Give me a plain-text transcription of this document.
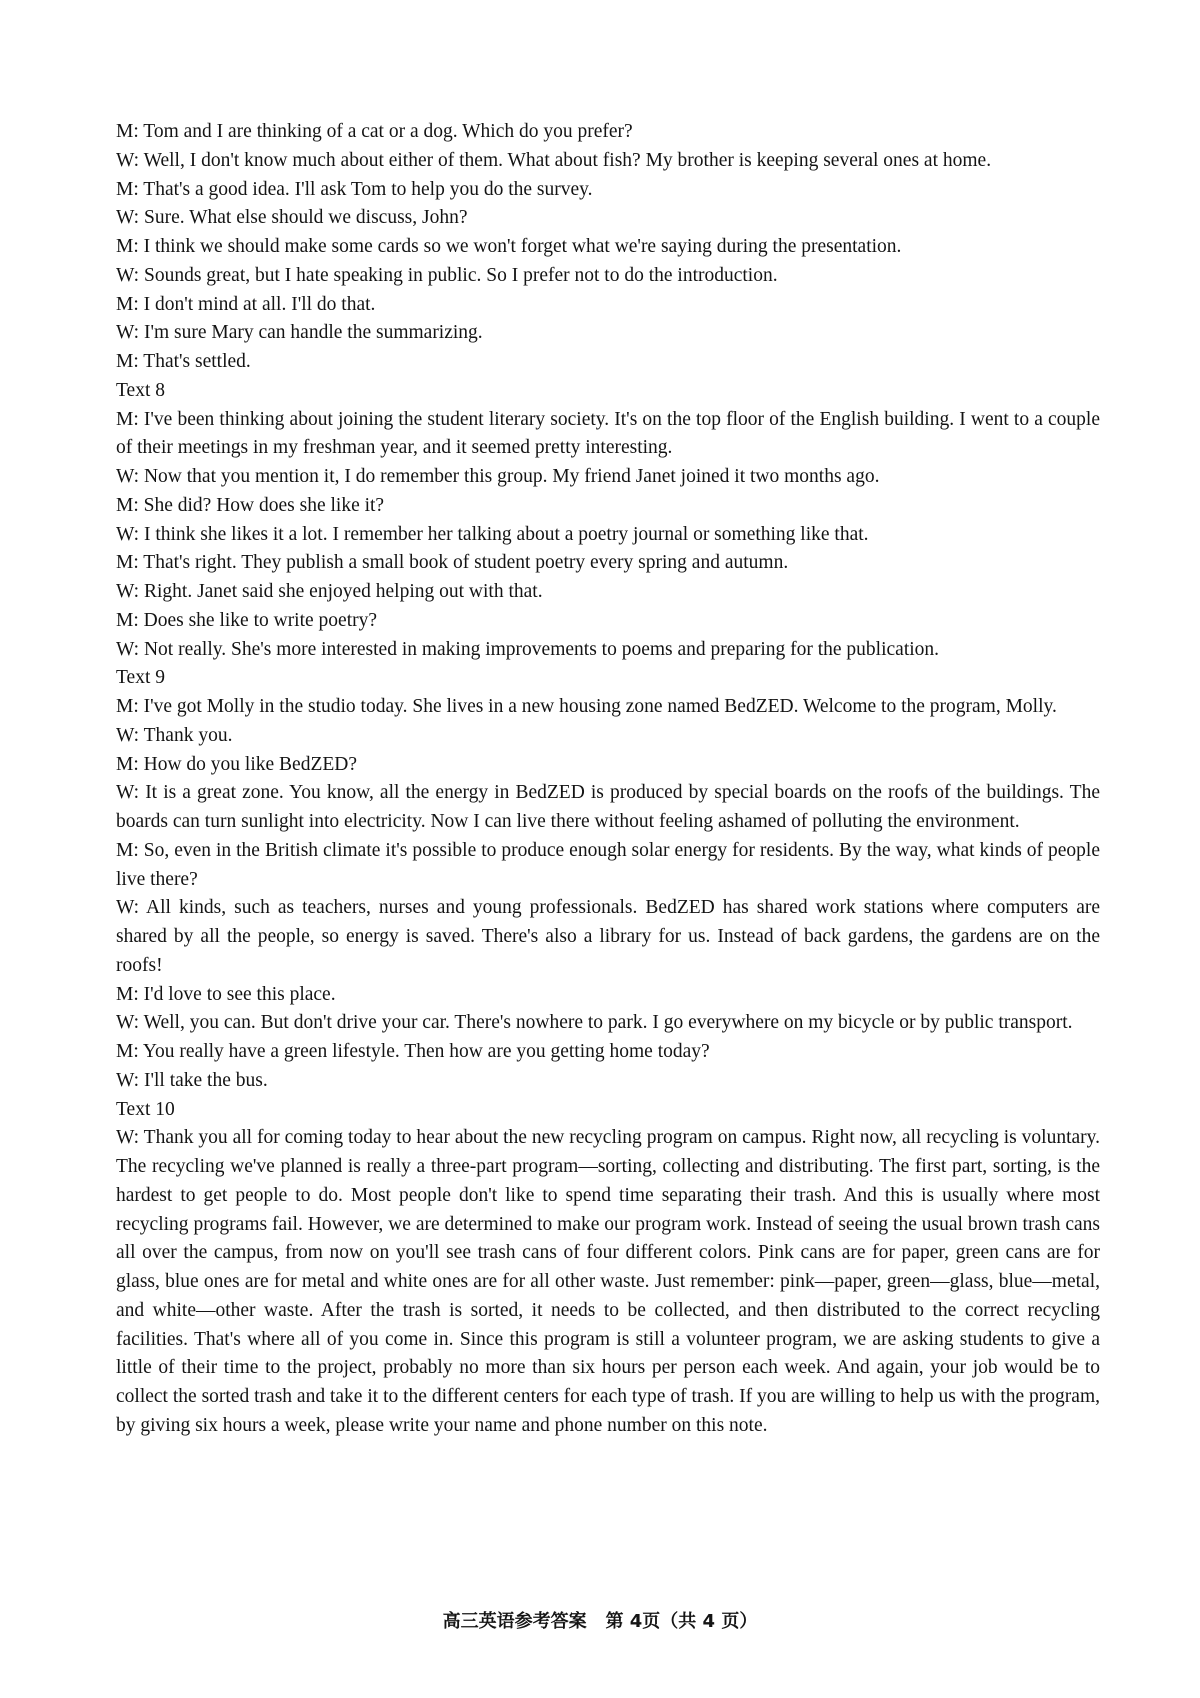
M: Tom and I are thinking of a cat or a dog. Which do you prefer?

W: Well, I don't know much about either of them. What about fish? My brother is keeping several ones at home.

M: That's a good idea. I'll ask Tom to help you do the survey.

W: Sure. What else should we discuss, John?

M: I think we should make some cards so we won't forget what we're saying during the presentation.

W: Sounds great, but I hate speaking in public. So I prefer not to do the introduction.

M: I don't mind at all. I'll do that.

W: I'm sure Mary can handle the summarizing.

M: That's settled.

Text 8

M: I've been thinking about joining the student literary society. It's on the top floor of the English building. I went to a couple of their meetings in my freshman year, and it seemed pretty interesting.

W: Now that you mention it, I do remember this group. My friend Janet joined it two months ago.

M: She did? How does she like it?

W: I think she likes it a lot. I remember her talking about a poetry journal or something like that.

M: That's right. They publish a small book of student poetry every spring and autumn.

W: Right. Janet said she enjoyed helping out with that.

M: Does she like to write poetry?

W: Not really. She's more interested in making improvements to poems and preparing for the publication.

Text 9

M: I've got Molly in the studio today. She lives in a new housing zone named BedZED. Welcome to the program, Molly.

W: Thank you.

M: How do you like BedZED?

W: It is a great zone. You know, all the energy in BedZED is produced by special boards on the roofs of the buildings. The boards can turn sunlight into electricity. Now I can live there without feeling ashamed of polluting the environment.

M: So, even in the British climate it's possible to produce enough solar energy for residents. By the way, what kinds of people live there?

W: All kinds, such as teachers, nurses and young professionals. BedZED has shared work stations where computers are shared by all the people, so energy is saved. There's also a library for us. Instead of back gardens, the gardens are on the roofs!

M: I'd love to see this place.

W: Well, you can. But don't drive your car. There's nowhere to park. I go everywhere on my bicycle or by public transport.

M: You really have a green lifestyle. Then how are you getting home today?

W: I'll take the bus.

Text 10

W: Thank you all for coming today to hear about the new recycling program on campus. Right now, all recycling is voluntary. The recycling we've planned is really a three-part program—sorting, collecting and distributing. The first part, sorting, is the hardest to get people to do. Most people don't like to spend time separating their trash. And this is usually where most recycling programs fail. However, we are determined to make our program work. Instead of seeing the usual brown trash cans all over the campus, from now on you'll see trash cans of four different colors. Pink cans are for paper, green cans are for glass, blue ones are for metal and white ones are for all other waste. Just remember: pink—paper, green—glass, blue—metal, and white—other waste. After the trash is sorted, it needs to be collected, and then distributed to the correct recycling facilities. That's where all of you come in. Since this program is still a volunteer program, we are asking students to give a little of their time to the project, probably no more than six hours per person each week. And again, your job would be to collect the sorted trash and take it to the different centers for each type of trash. If you are willing to help us with the program, by giving six hours a week, please write your name and phone number on this note.

高三英语参考答案 第 4页（共 4 页）
